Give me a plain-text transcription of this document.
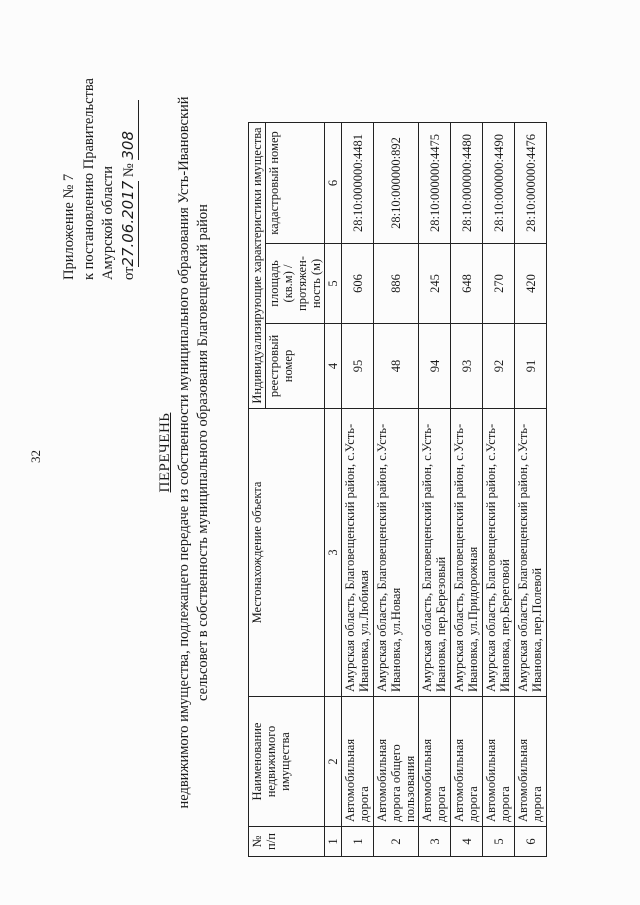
32
Приложение № 7 к постановлению Правительства Амурской области от27.06.2017 № 308
ПЕРЕЧЕНЬ недвижимого имущества, подлежащего передаче из собственности муниципального образования Усть-Ивановский сельсовет в собственность муниципального образования Благовещенский район
№ п/п	Наименование недвижимого имущества	Местонахождение объекта	Индивидуализирующие характеристики имущества		
			реестровый номер	площадь (кв.м) / протяжен-ность (м)	кадастровый номер
1	2	3	4	5	6
1	Автомобильная дорога	Амурская область, Благовещенский район, с.Усть-Ивановка, ул.Любимая	95	606	28:10:000000:4481
2	Автомобильная дорога общего пользования	Амурская область, Благовещенский район, с.Усть-Ивановка, ул.Новая	48	886	28:10:000000:892
3	Автомобильная дорога	Амурская область, Благовещенский район, с.Усть-Ивановка, пер.Березовый	94	245	28:10:000000:4475
4	Автомобильная дорога	Амурская область, Благовещенский район, с.Усть-Ивановка, ул.Придорожная	93	648	28:10:000000:4480
5	Автомобильная дорога	Амурская область, Благовещенский район, с.Усть-Ивановка, пер.Береговой	92	270	28:10:000000:4490
6	Автомобильная дорога	Амурская область, Благовещенский район, с.Усть-Ивановка, пер.Полевой	91	420	28:10:000000:4476
